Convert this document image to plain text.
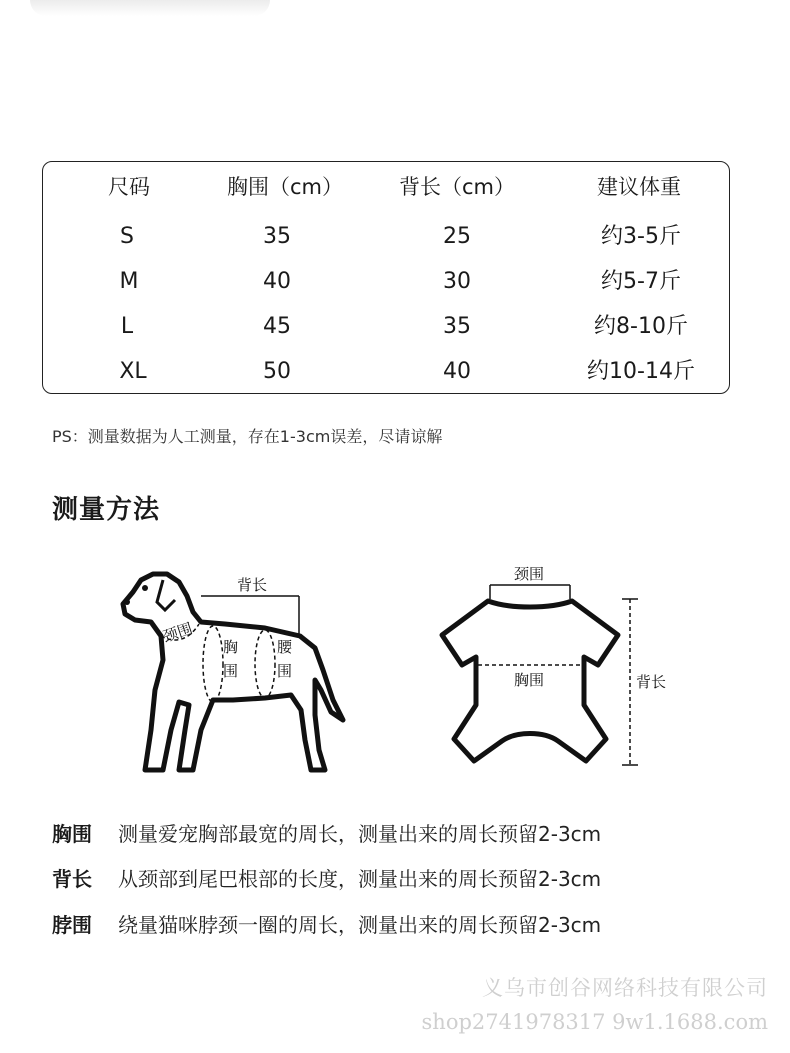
尺码	胸围（cm）	背长（cm）	建议体重
S	35	25	约3-5斤
M	40	30	约5-7斤
L	45	35	约8-10斤
XL	50	40	约10-14斤
PS：测量数据为人工测量，存在1-3cm误差，尽请谅解
测量方法
背长
颈围
胸
围
腰
围
颈围
胸围	背长
胸围 测量爱宠胸部最宽的周长，测量出来的周长预留2-3cm
背长 从颈部到尾巴根部的长度，测量出来的周长预留2-3cm
脖围 绕量猫咪脖颈一圈的周长，测量出来的周长预留2-3cm
义乌市创谷网络科技有限公司
shop2741978317 9w1.1688.com
